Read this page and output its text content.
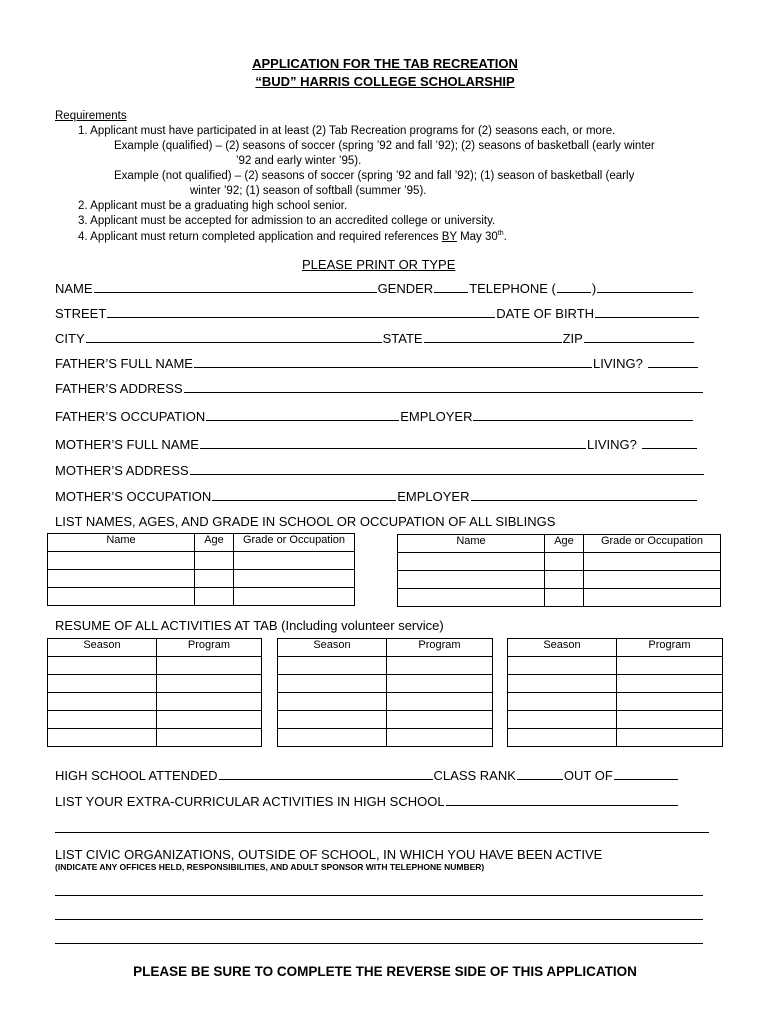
APPLICATION FOR THE TAB RECREATION
“BUD” HARRIS COLLEGE SCHOLARSHIP
Requirements
1. Applicant must have participated in at least (2) Tab Recreation programs for (2) seasons each, or more.
Example (qualified) – (2) seasons of soccer (spring ’92 and fall ’92); (2) seasons of basketball (early winter
’92 and early winter ’95).
Example (not qualified) – (2) seasons of soccer (spring ’92 and fall ’92); (1) season of basketball (early
winter ’92; (1) season of softball (summer ’95).
2. Applicant must be a graduating high school senior.
3. Applicant must be accepted for admission to an accredited college or university.
4. Applicant must return completed application and required references BY May 30th.
PLEASE PRINT OR TYPE
NAME	GENDER	TELEPHONE (	)
STREET	DATE OF BIRTH
CITY	STATE	ZIP
FATHER’S FULL NAME	LIVING?
FATHER’S ADDRESS
FATHER’S OCCUPATION	EMPLOYER
MOTHER’S FULL NAME	LIVING?
MOTHER’S ADDRESS
MOTHER’S OCCUPATION	EMPLOYER
LIST NAMES, AGES, AND GRADE IN SCHOOL OR OCCUPATION OF ALL SIBLINGS
Name	Age	Grade or Occupation

			Name	Age	Grade or Occupation

RESUME OF ALL ACTIVITIES AT TAB (Including volunteer service)
Season	Program

		Season	Program

		Season	Program

HIGH SCHOOL ATTENDED	CLASS RANK	OUT OF
LIST YOUR EXTRA-CURRICULAR ACTIVITIES IN HIGH SCHOOL
LIST CIVIC ORGANIZATIONS, OUTSIDE OF SCHOOL, IN WHICH YOU HAVE BEEN ACTIVE
(INDICATE ANY OFFICES HELD, RESPONSIBILITIES, AND ADULT SPONSOR WITH TELEPHONE NUMBER)
PLEASE BE SURE TO COMPLETE THE REVERSE SIDE OF THIS APPLICATION
